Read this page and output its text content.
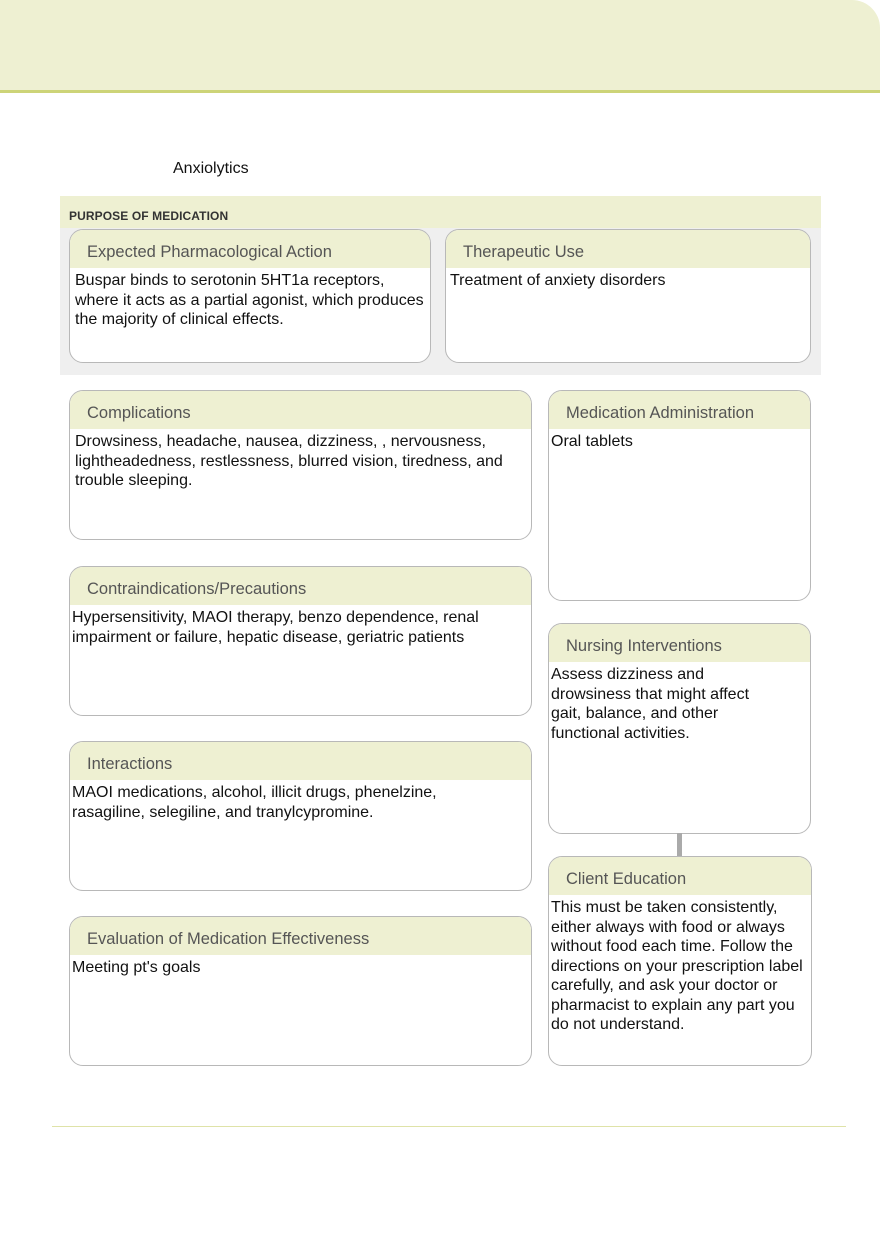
Anxiolytics
PURPOSE OF MEDICATION
Expected Pharmacological Action
Buspar binds to serotonin 5HT1a receptors, where it acts as a partial agonist, which produces the majority of clinical effects.
Therapeutic Use
Treatment of anxiety disorders
Complications
Drowsiness, headache, nausea, dizziness, , nervousness, lightheadedness, restlessness, blurred vision, tiredness, and trouble sleeping.
Medication Administration
Oral tablets
Contraindications/Precautions
Hypersensitivity, MAOI therapy, benzo dependence, renal impairment or failure, hepatic disease, geriatric patients	Nursing Interventions
Assess dizziness and drowsiness that might affect gait, balance, and other functional activities.
Interactions
MAOI medications, alcohol, illicit drugs, phenelzine, rasagiline, selegiline, and tranylcypromine.
Client Education
This must be taken consistently, either always with food or always without food each time. Follow the directions on your prescription label carefully, and ask your doctor or pharmacist to explain any part you do not understand.
Evaluation of Medication Effectiveness
Meeting pt's goals
